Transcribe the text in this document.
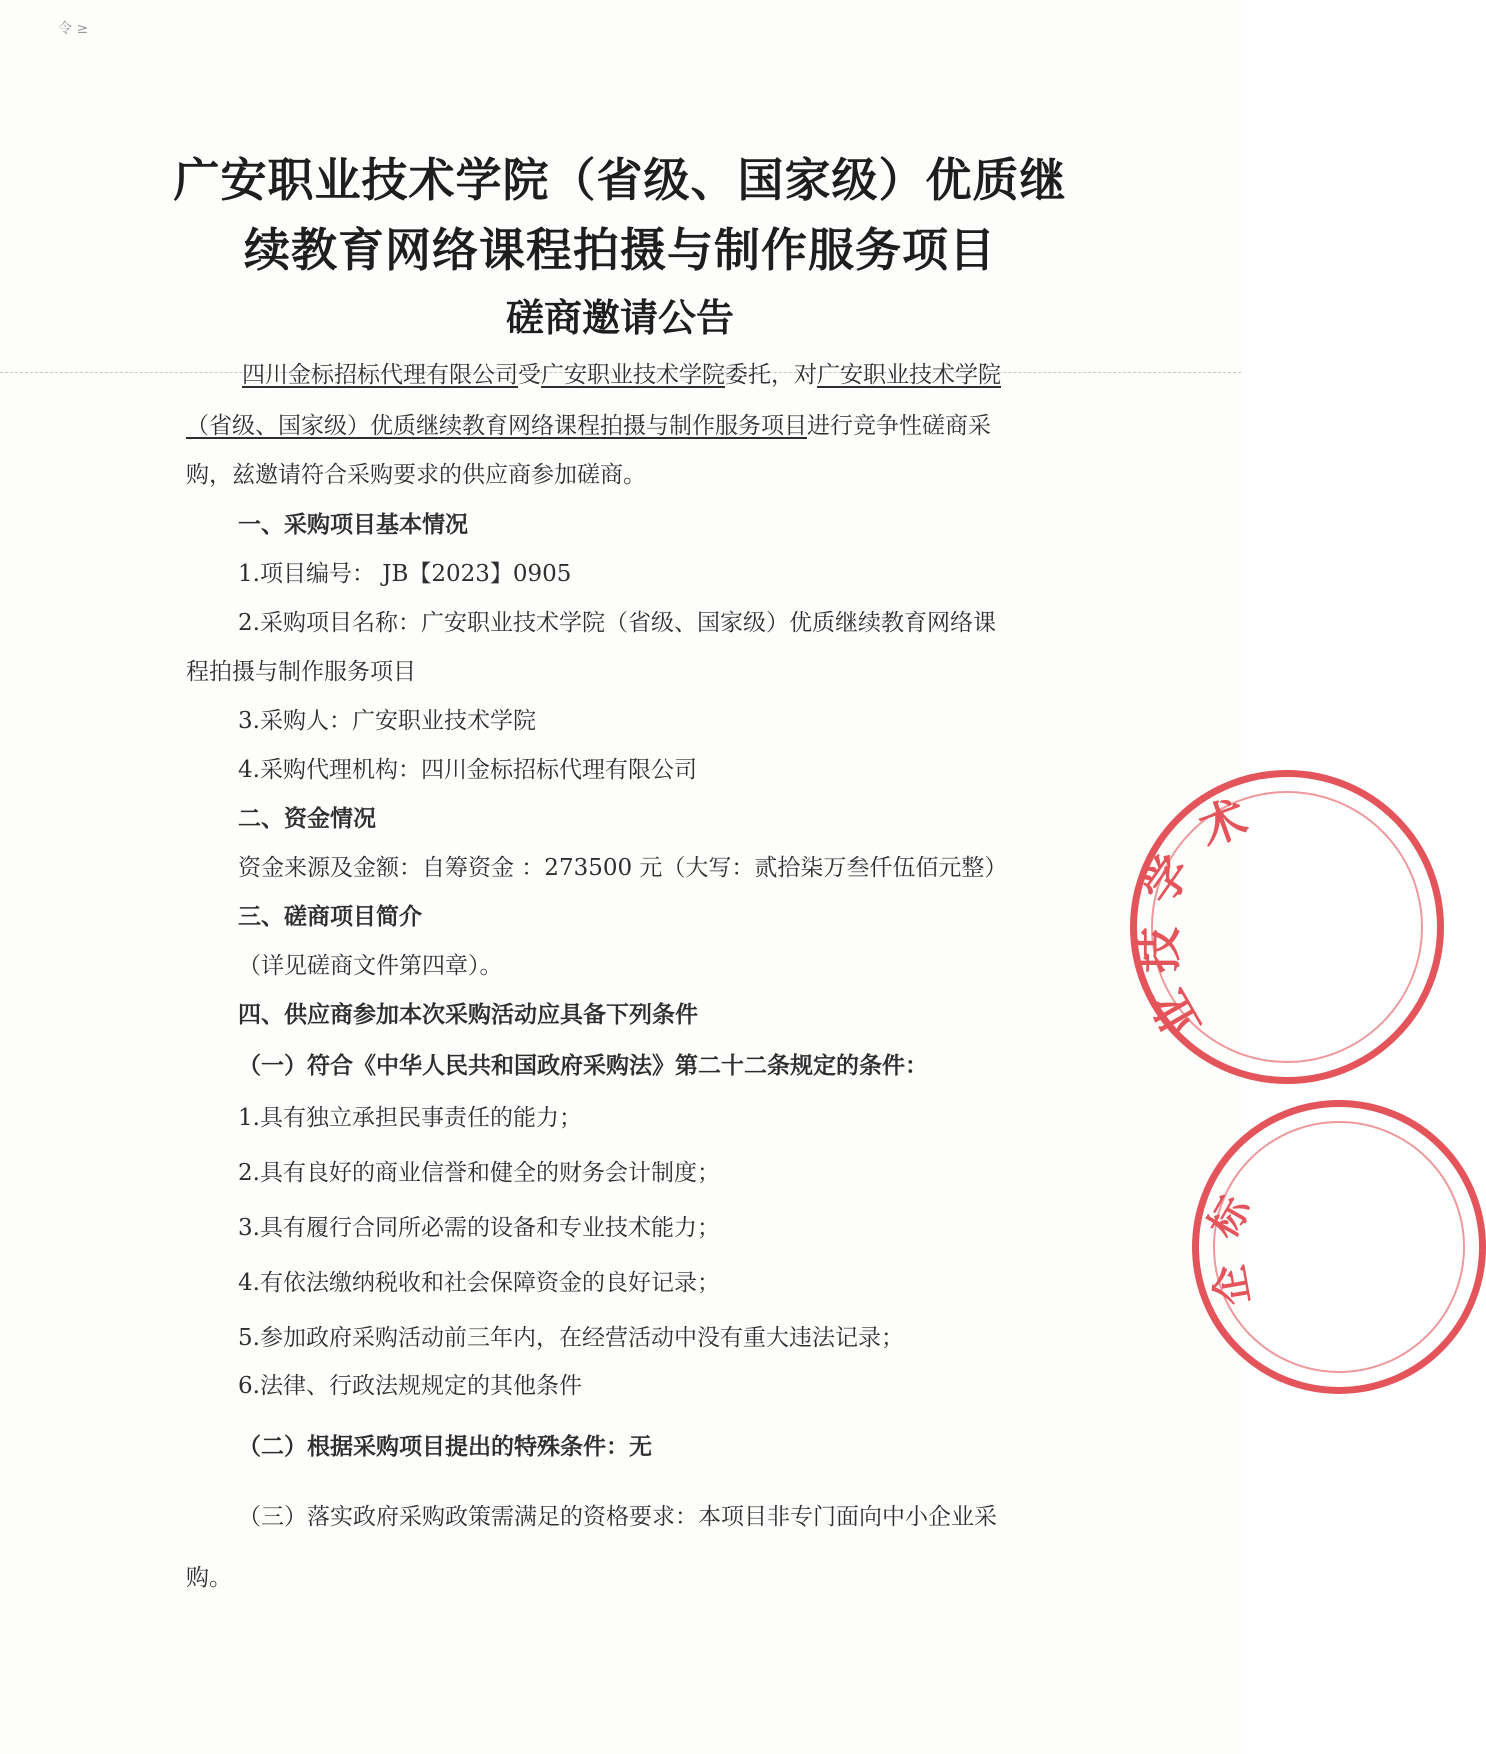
令 ≥
广安职业技术学院（省级、国家级）优质继
续教育网络课程拍摄与制作服务项目
磋商邀请公告
四川金标招标代理有限公司受广安职业技术学院委托，对广安职业技术学院
（省级、国家级）优质继续教育网络课程拍摄与制作服务项目进行竞争性磋商采
购，兹邀请符合采购要求的供应商参加磋商。
一、采购项目基本情况
1.项目编号： JB【2023】0905
2.采购项目名称：广安职业技术学院（省级、国家级）优质继续教育网络课
程拍摄与制作服务项目
3.采购人：广安职业技术学院
4.采购代理机构：四川金标招标代理有限公司
二、资金情况
资金来源及金额：自筹资金 ：273500 元（大写：贰拾柒万叁仟伍佰元整）
三、磋商项目简介
（详见磋商文件第四章）。
四、供应商参加本次采购活动应具备下列条件
（一）符合《中华人民共和国政府采购法》第二十二条规定的条件：
1.具有独立承担民事责任的能力；
2.具有良好的商业信誉和健全的财务会计制度；
3.具有履行合同所必需的设备和专业技术能力；
4.有依法缴纳税收和社会保障资金的良好记录；
5.参加政府采购活动前三年内，在经营活动中没有重大违法记录；
6.法律、行政法规规定的其他条件
（二）根据采购项目提出的特殊条件：无
（三）落实政府采购政策需满足的资格要求：本项目非专门面向中小企业采
购。
术
学
技
业
标
企
